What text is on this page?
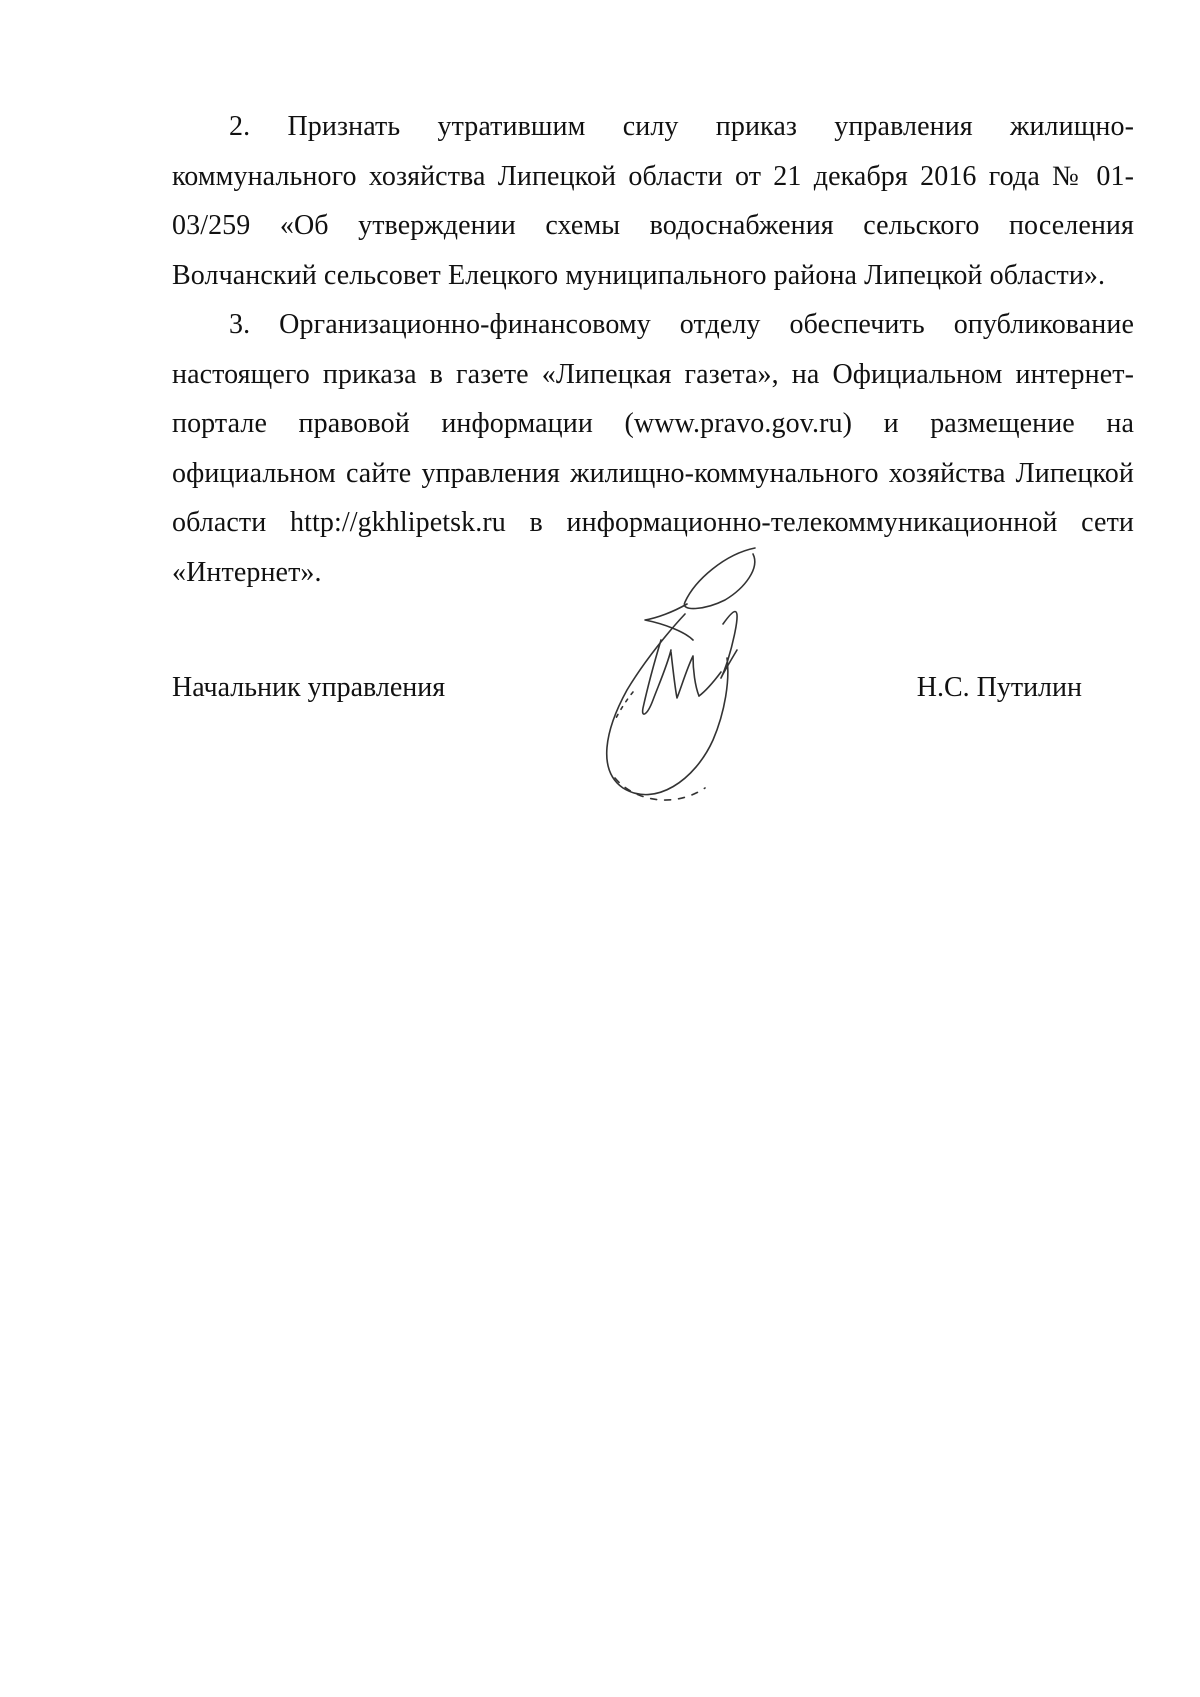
2. Признать утратившим силу приказ управления жилищно-коммунального хозяйства Липецкой области от 21 декабря 2016 года № 01-03/259 «Об утверждении схемы водоснабжения сельского поселения Волчанский сельсовет Елецкого муниципального района Липецкой области».

3. Организационно-финансовому отделу обеспечить опубликование настоящего приказа в газете «Липецкая газета», на Официальном интернет-портале правовой информации (www.pravo.gov.ru) и размещение на официальном сайте управления жилищно-коммунального хозяйства Липецкой области http://gkhlipetsk.ru в информационно-телекоммуникационной сети «Интернет».

Начальник управления	Н.С. Путилин
